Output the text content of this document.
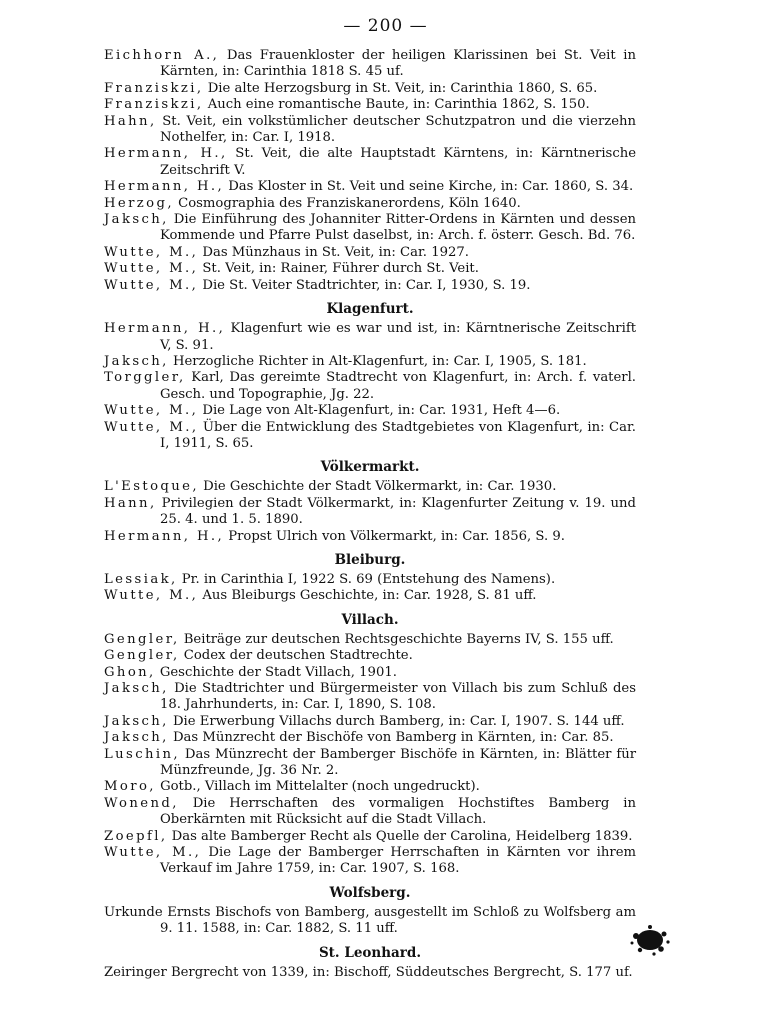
— 200 —

Eichhorn A., Das Frauenkloster der heiligen Klarissinen bei St. Veit in Kärnten, in: Carinthia 1818 S. 45 uf.

Franziskzi, Die alte Herzogsburg in St. Veit, in: Carinthia 1860, S. 65.

Franziskzi, Auch eine romantische Baute, in: Carinthia 1862, S. 150.

Hahn, St. Veit, ein volkstümlicher deutscher Schutzpatron und die vierzehn Nothelfer, in: Car. I, 1918.

Hermann, H., St. Veit, die alte Hauptstadt Kärntens, in: Kärntnerische Zeitschrift V.

Hermann, H., Das Kloster in St. Veit und seine Kirche, in: Car. 1860, S. 34.

Herzog, Cosmographia des Franziskanerordens, Köln 1640.

Jaksch, Die Einführung des Johanniter Ritter-Ordens in Kärnten und dessen Kommende und Pfarre Pulst daselbst, in: Arch. f. österr. Gesch. Bd. 76.

Wutte, M., Das Münzhaus in St. Veit, in: Car. 1927.

Wutte, M., St. Veit, in: Rainer, Führer durch St. Veit.

Wutte, M., Die St. Veiter Stadtrichter, in: Car. I, 1930, S. 19.

Klagenfurt.

Hermann, H., Klagenfurt wie es war und ist, in: Kärntnerische Zeitschrift V, S. 91.

Jaksch, Herzogliche Richter in Alt-Klagenfurt, in: Car. I, 1905, S. 181.

Torggler, Karl, Das gereimte Stadtrecht von Klagenfurt, in: Arch. f. vaterl. Gesch. und Topographie, Jg. 22.

Wutte, M., Die Lage von Alt-Klagenfurt, in: Car. 1931, Heft 4—6.

Wutte, M., Über die Entwicklung des Stadtgebietes von Klagenfurt, in: Car. I, 1911, S. 65.

Völkermarkt.

L'Estoque, Die Geschichte der Stadt Völkermarkt, in: Car. 1930.

Hann, Privilegien der Stadt Völkermarkt, in: Klagenfurter Zeitung v. 19. und 25. 4. und 1. 5. 1890.

Hermann, H., Propst Ulrich von Völkermarkt, in: Car. 1856, S. 9.

Bleiburg.

Lessiak, Pr. in Carinthia I, 1922 S. 69 (Entstehung des Namens).

Wutte, M., Aus Bleiburgs Geschichte, in: Car. 1928, S. 81 uff.

Villach.

Gengler, Beiträge zur deutschen Rechtsgeschichte Bayerns IV, S. 155 uff.

Gengler, Codex der deutschen Stadtrechte.

Ghon, Geschichte der Stadt Villach, 1901.

Jaksch, Die Stadtrichter und Bürgermeister von Villach bis zum Schluß des 18. Jahrhunderts, in: Car. I, 1890, S. 108.

Jaksch, Die Erwerbung Villachs durch Bamberg, in: Car. I, 1907. S. 144 uff.

Jaksch, Das Münzrecht der Bischöfe von Bamberg in Kärnten, in: Car. 85.

Luschin, Das Münzrecht der Bamberger Bischöfe in Kärnten, in: Blätter für Münzfreunde, Jg. 36 Nr. 2.

Moro, Gotb., Villach im Mittelalter (noch ungedruckt).

Wonend, Die Herrschaften des vormaligen Hochstiftes Bamberg in Oberkärnten mit Rücksicht auf die Stadt Villach.

Zoepfl, Das alte Bamberger Recht als Quelle der Carolina, Heidelberg 1839.

Wutte, M., Die Lage der Bamberger Herrschaften in Kärnten vor ihrem Verkauf im Jahre 1759, in: Car. 1907, S. 168.

Wolfsberg.

Urkunde Ernsts Bischofs von Bamberg, ausgestellt im Schloß zu Wolfsberg am 9. 11. 1588, in: Car. 1882, S. 11 uff.

St. Leonhard.

Zeiringer Bergrecht von 1339, in: Bischoff, Süddeutsches Bergrecht, S. 177 uf.
